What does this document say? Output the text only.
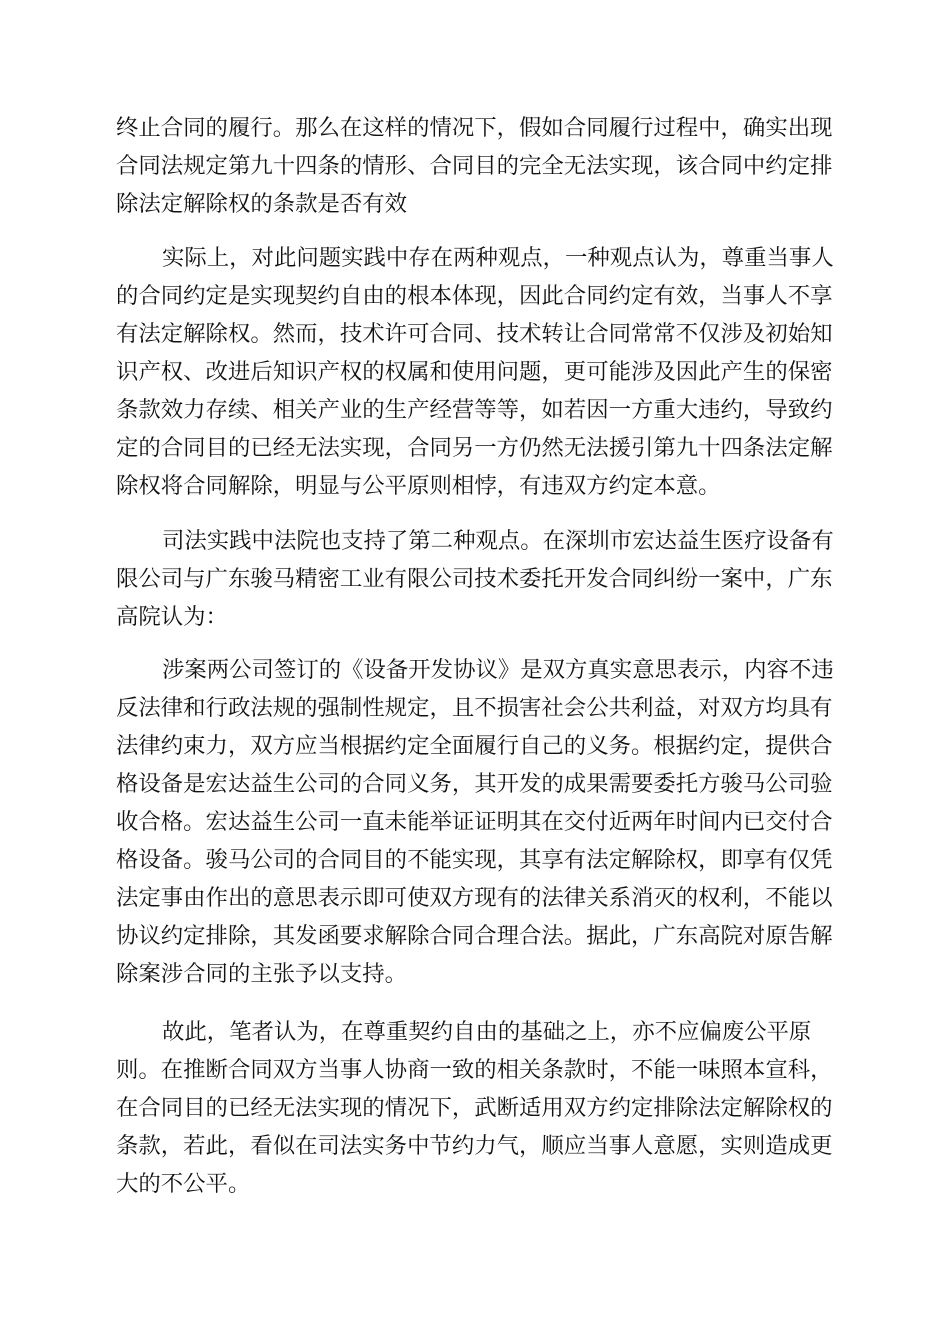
终止合同的履行。那么在这样的情况下，假如合同履行过程中，确实出现
合同法规定第九十四条的情形、合同目的完全无法实现，该合同中约定排
除法定解除权的条款是否有效
实际上，对此问题实践中存在两种观点，一种观点认为，尊重当事人
的合同约定是实现契约自由的根本体现，因此合同约定有效，当事人不享
有法定解除权。然而，技术许可合同、技术转让合同常常不仅涉及初始知
识产权、改进后知识产权的权属和使用问题，更可能涉及因此产生的保密
条款效力存续、相关产业的生产经营等等，如若因一方重大违约，导致约
定的合同目的已经无法实现，合同另一方仍然无法援引第九十四条法定解
除权将合同解除，明显与公平原则相悖，有违双方约定本意。
司法实践中法院也支持了第二种观点。在深圳市宏达益生医疗设备有
限公司与广东骏马精密工业有限公司技术委托开发合同纠纷一案中，广东
高院认为：
涉案两公司签订的《设备开发协议》是双方真实意思表示，内容不违
反法律和行政法规的强制性规定，且不损害社会公共利益，对双方均具有
法律约束力，双方应当根据约定全面履行自己的义务。根据约定，提供合
格设备是宏达益生公司的合同义务，其开发的成果需要委托方骏马公司验
收合格。宏达益生公司一直未能举证证明其在交付近两年时间内已交付合
格设备。骏马公司的合同目的不能实现，其享有法定解除权，即享有仅凭
法定事由作出的意思表示即可使双方现有的法律关系消灭的权利，不能以
协议约定排除，其发函要求解除合同合理合法。据此，广东高院对原告解
除案涉合同的主张予以支持。
故此，笔者认为，在尊重契约自由的基础之上，亦不应偏废公平原
则。在推断合同双方当事人协商一致的相关条款时，不能一味照本宣科，
在合同目的已经无法实现的情况下，武断适用双方约定排除法定解除权的
条款，若此，看似在司法实务中节约力气，顺应当事人意愿，实则造成更
大的不公平。
